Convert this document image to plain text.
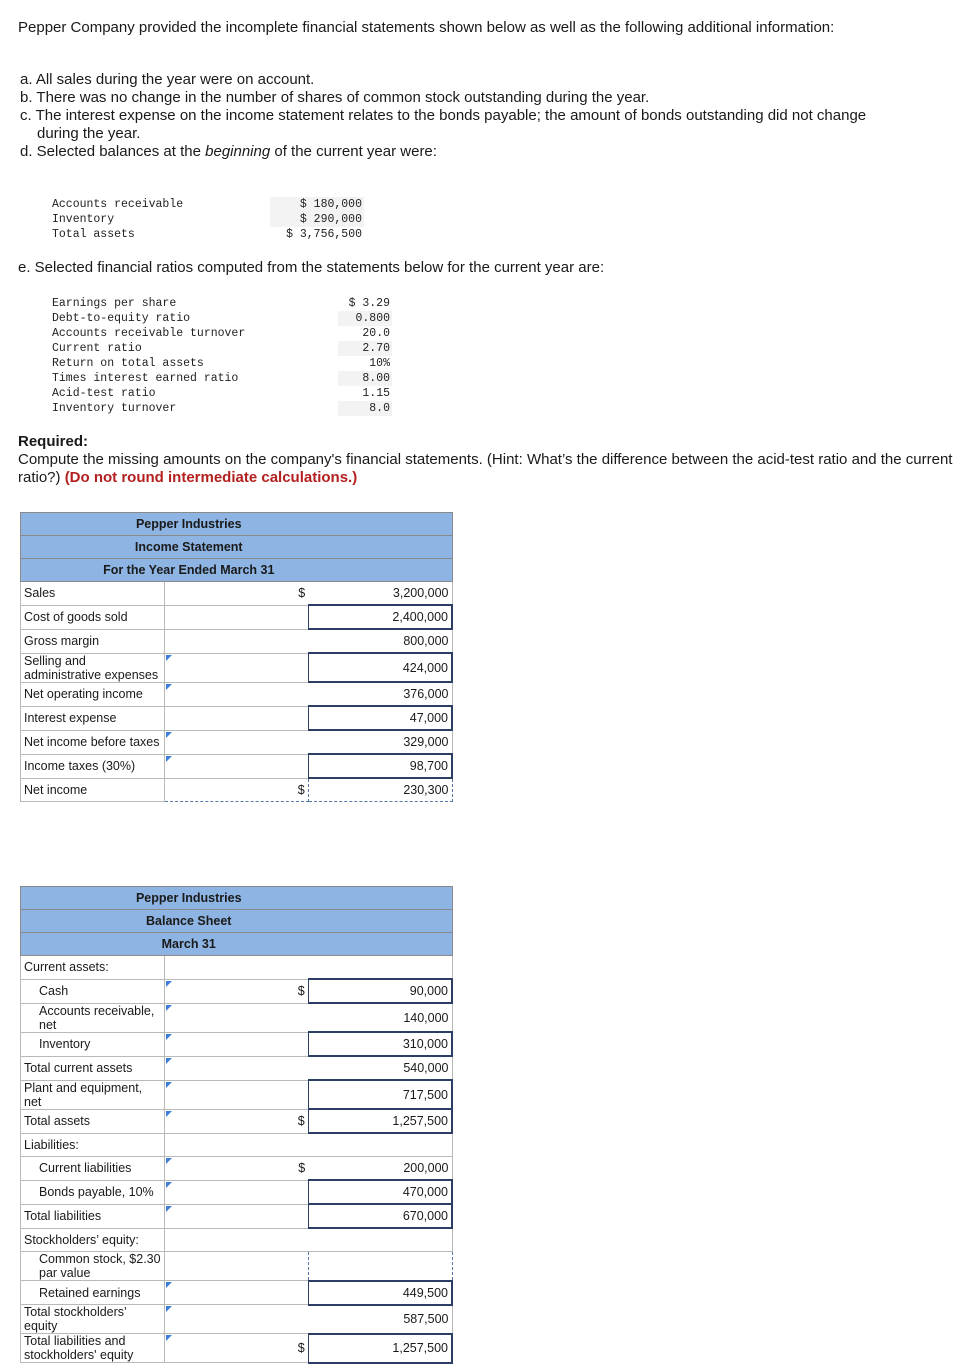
Pepper Company provided the incomplete financial statements shown below as well as the following additional information:

a. All sales during the year were on account.

b. There was no change in the number of shares of common stock outstanding during the year.

c. The interest expense on the income statement relates to the bonds payable; the amount of bonds outstanding did not change

during the year.

d. Selected balances at the beginning of the current year were:

Accounts receivable	$ 180,000
Inventory	$ 290,000
Total assets	$ 3,756,500

e. Selected financial ratios computed from the statements below for the current year are:

Earnings per share	$ 3.29
Debt-to-equity ratio	0.800
Accounts receivable turnover	20.0
Current ratio	2.70
Return on total assets	10%
Times interest earned ratio	8.00
Acid-test ratio	1.15
Inventory turnover	8.0
Required:
Compute the missing amounts on the company's financial statements. (Hint: What’s the difference between the acid-test ratio and the current ratio?) (Do not round intermediate calculations.)
Pepper Industries		
Income Statement		
For the Year Ended March 31		
Sales	$	3,200,000
Cost of goods sold		2,400,000
Gross margin		800,000
Selling and administrative expenses		424,000
Net operating income		376,000
Interest expense		47,000
Net income before taxes		329,000
Income taxes (30%)		98,700
Net income	$	230,300
Pepper Industries		
Balance Sheet		
March 31		
Current assets:		
Cash	$	90,000
Accounts receivable, net		140,000
Inventory		310,000
Total current assets		540,000
Plant and equipment, net		717,500
Total assets	$	1,257,500
Liabilities:		
Current liabilities	$	200,000
Bonds payable, 10%		470,000
Total liabilities		670,000
Stockholders’ equity:		
Common stock, $2.30 par value		
Retained earnings		449,500
Total stockholders’ equity		587,500
Total liabilities and stockholders' equity	$	1,257,500
